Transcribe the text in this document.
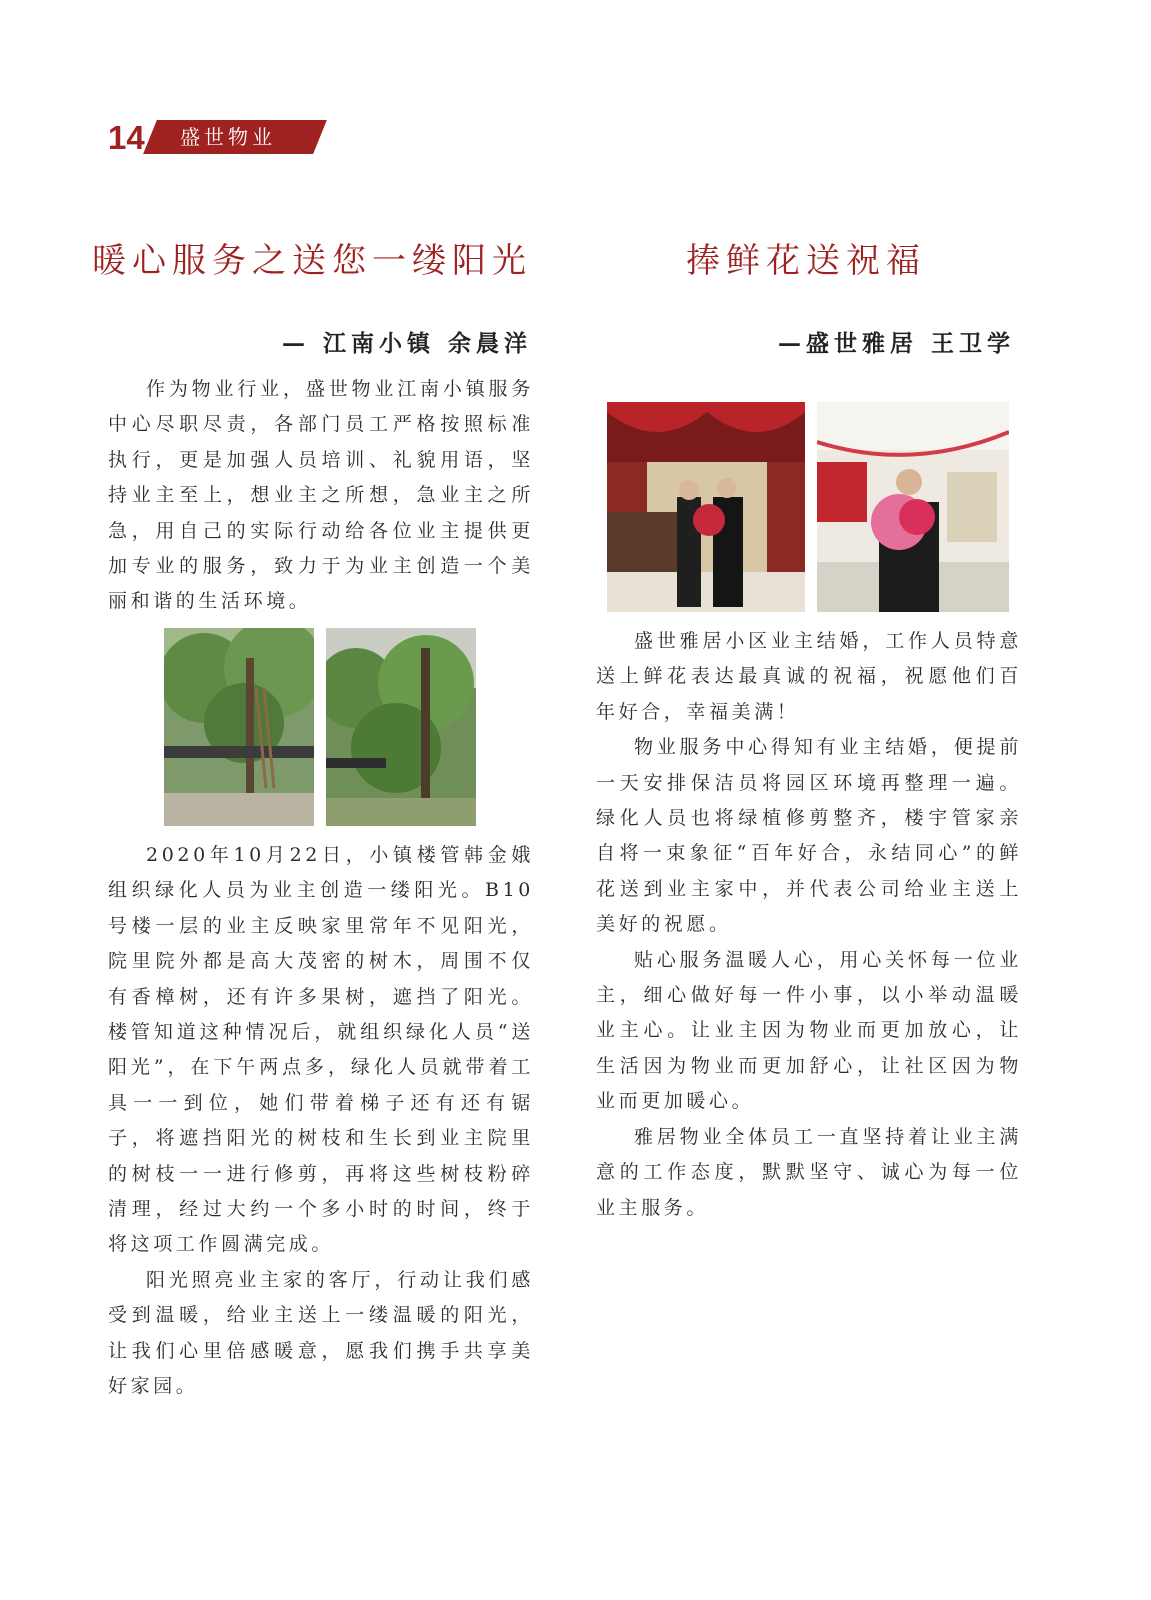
14 盛世物业
暖心服务之送您一缕阳光
— 江南小镇 余晨洋

作为物业行业，盛世物业江南小镇服务中心尽职尽责，各部门员工严格按照标准执行，更是加强人员培训、礼貌用语，坚持业主至上，想业主之所想，急业主之所急，用自己的实际行动给各位业主提供更加专业的服务，致力于为业主创造一个美丽和谐的生活环境。

2020年10月22日，小镇楼管韩金娥组织绿化人员为业主创造一缕阳光。B10号楼一层的业主反映家里常年不见阳光，院里院外都是高大茂密的树木，周围不仅有香樟树，还有许多果树，遮挡了阳光。楼管知道这种情况后，就组织绿化人员“送阳光”，在下午两点多，绿化人员就带着工具一一到位，她们带着梯子还有还有锯子，将遮挡阳光的树枝和生长到业主院里的树枝一一进行修剪，再将这些树枝粉碎清理，经过大约一个多小时的时间，终于将这项工作圆满完成。

阳光照亮业主家的客厅，行动让我们感受到温暖，给业主送上一缕温暖的阳光，让我们心里倍感暖意，愿我们携手共享美好家园。

捧鲜花送祝福
—盛世雅居 王卫学

盛世雅居小区业主结婚，工作人员特意送上鲜花表达最真诚的祝福，祝愿他们百年好合，幸福美满！

物业服务中心得知有业主结婚，便提前一天安排保洁员将园区环境再整理一遍。绿化人员也将绿植修剪整齐，楼宇管家亲自将一束象征“百年好合，永结同心”的鲜花送到业主家中，并代表公司给业主送上美好的祝愿。

贴心服务温暖人心，用心关怀每一位业主，细心做好每一件小事，以小举动温暖业主心。让业主因为物业而更加放心，让生活因为物业而更加舒心，让社区因为物业而更加暖心。

雅居物业全体员工一直坚持着让业主满意的工作态度，默默坚守、诚心为每一位业主服务。
